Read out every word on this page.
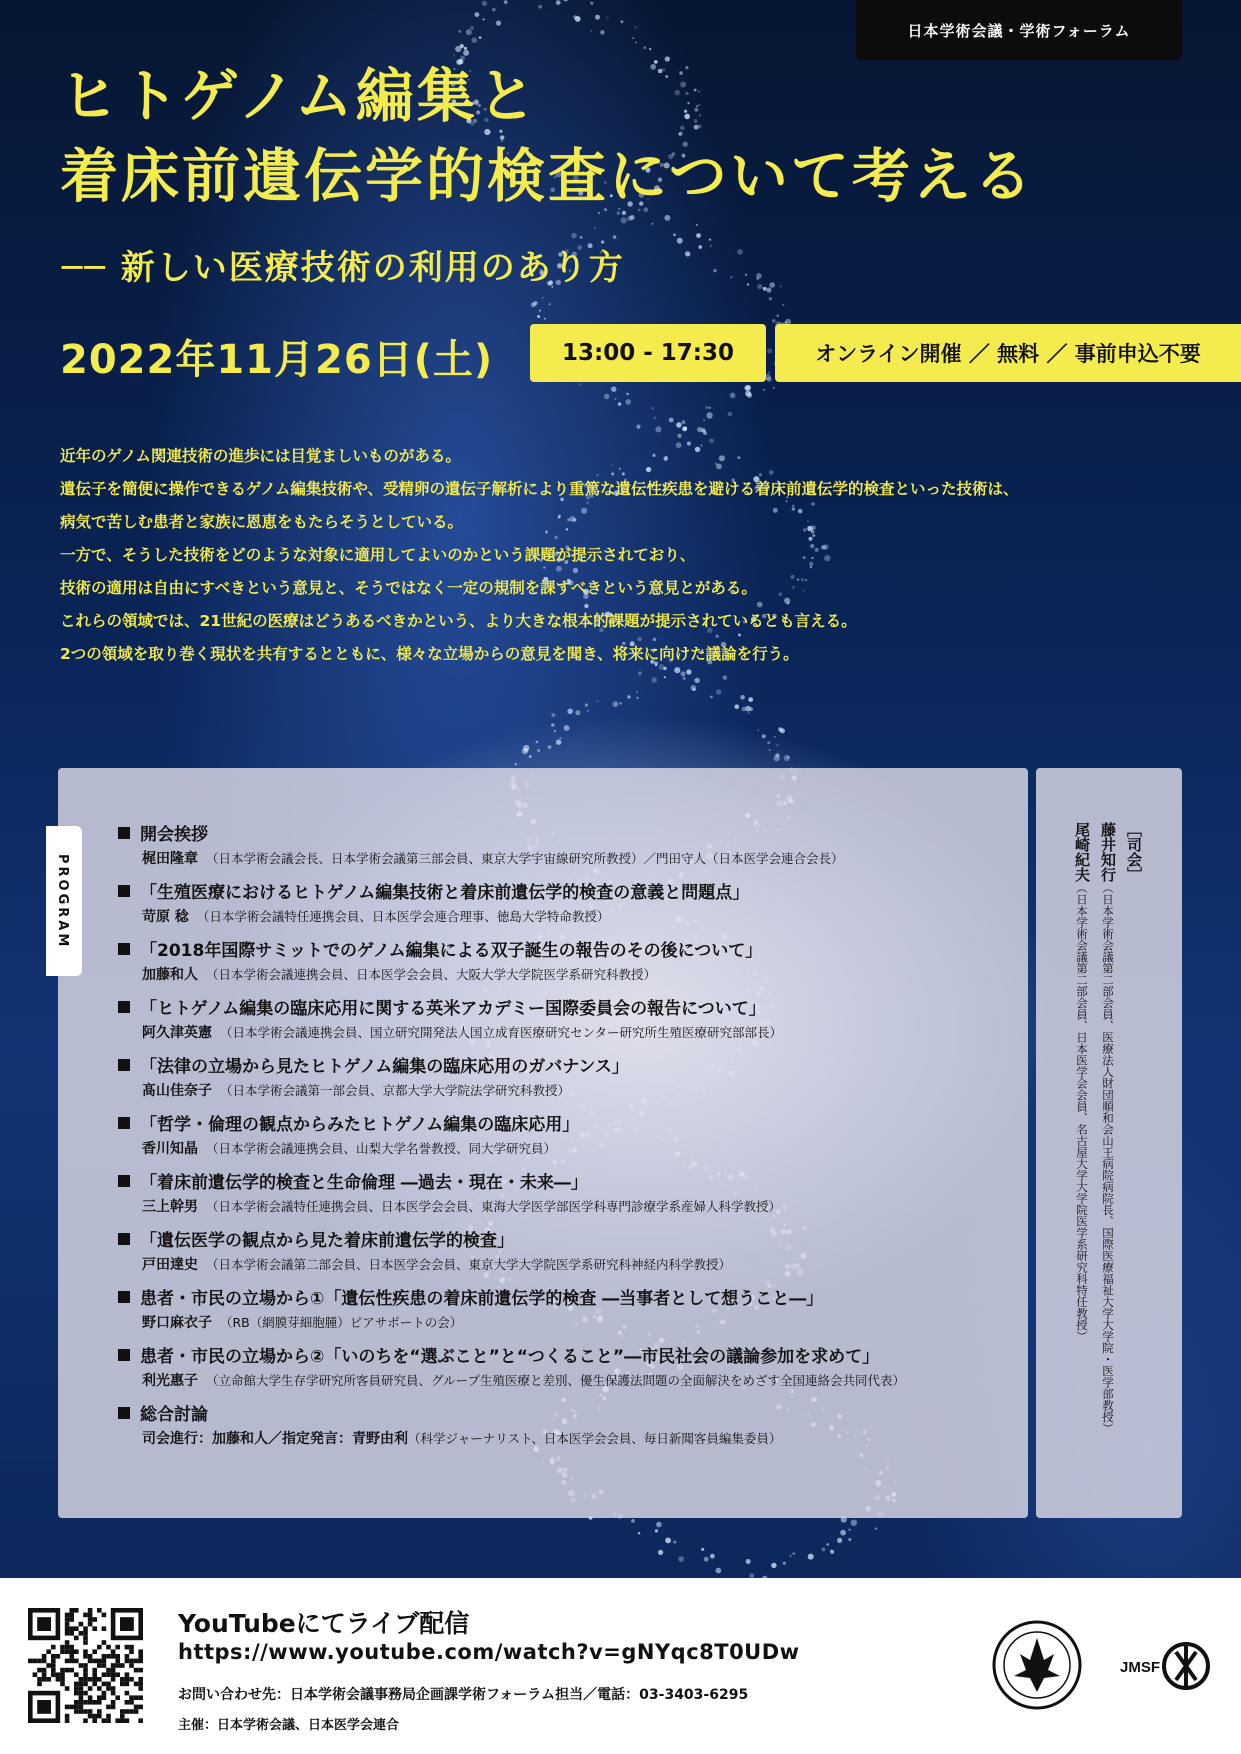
日本学術会議・学術フォーラム
ヒトゲノム編集と
着床前遺伝学的検査について考える
── 新しい医療技術の利用のあり方
2022年11月26日(土)	13:00 - 17:30	オンライン開催 ／ 無料 ／ 事前申込不要

近年のゲノム関連技術の進歩には目覚ましいものがある。

遺伝子を簡便に操作できるゲノム編集技術や、受精卵の遺伝子解析により重篤な遺伝性疾患を避ける着床前遺伝学的検査といった技術は、

病気で苦しむ患者と家族に恩恵をもたらそうとしている。

一方で、そうした技術をどのような対象に適用してよいのかという課題が提示されており、

技術の適用は自由にすべきという意見と、そうではなく一定の規制を課すべきという意見とがある。

これらの領域では、21世紀の医療はどうあるべきかという、より大きな根本的課題が提示されているとも言える。

2つの領域を取り巻く現状を共有するとともに、様々な立場からの意見を聞き、将来に向けた議論を行う。

PROGRAM
開会挨拶
梶田隆章 （日本学術会議会長、日本学術会議第三部会員、東京大学宇宙線研究所教授）／門田守人（日本医学会連合会長）
「生殖医療におけるヒトゲノム編集技術と着床前遺伝学的検査の意義と問題点」
苛原 稔 （日本学術会議特任連携会員、日本医学会連合理事、徳島大学特命教授）
「2018年国際サミットでのゲノム編集による双子誕生の報告のその後について」
加藤和人 （日本学術会議連携会員、日本医学会会員、大阪大学大学院医学系研究科教授）
「ヒトゲノム編集の臨床応用に関する英米アカデミー国際委員会の報告について」
阿久津英憲 （日本学術会議連携会員、国立研究開発法人国立成育医療研究センター研究所生殖医療研究部部長）
「法律の立場から見たヒトゲノム編集の臨床応用のガバナンス」
髙山佳奈子 （日本学術会議第一部会員、京都大学大学院法学研究科教授）
「哲学・倫理の観点からみたヒトゲノム編集の臨床応用」
香川知晶 （日本学術会議連携会員、山梨大学名誉教授、同大学研究員）
「着床前遺伝学的検査と生命倫理 ―過去・現在・未来―」
三上幹男 （日本学術会議特任連携会員、日本医学会会員、東海大学医学部医学科専門診療学系産婦人科学教授）
「遺伝医学の観点から見た着床前遺伝学的検査」
戸田達史 （日本学術会議第二部会員、日本医学会会員、東京大学大学院医学系研究科神経内科学教授）
患者・市民の立場から①「遺伝性疾患の着床前遺伝学的検査 ―当事者として想うこと―」
野口麻衣子 （RB（網膜芽細胞腫）ピアサポートの会）
患者・市民の立場から②「いのちを“選ぶこと”と“つくること”―市民社会の議論参加を求めて」
利光惠子 （立命館大学生存学研究所客員研究員、グループ生殖医療と差別、優生保護法問題の全面解決をめざす全国連絡会共同代表）
総合討論
司会進行：加藤和人／指定発言：青野由利（科学ジャーナリスト、日本医学会会員、毎日新聞客員編集委員）
［司会］
藤井知行（日本学術会議第二部会員、医療法人財団順和会山王病院病院長、国際医療福祉大学大学院・医学部教授）
尾崎紀夫（日本学術会議第二部会員、日本医学会会員、名古屋大学大学院医学系研究科特任教授）
YouTubeにてライブ配信
https://www.youtube.com/watch?v=gNYqc8T0UDw
お問い合わせ先：日本学術会議事務局企画課学術フォーラム担当／電話：03-3403-6295
主催：日本学術会議、日本医学会連合
JMSF
